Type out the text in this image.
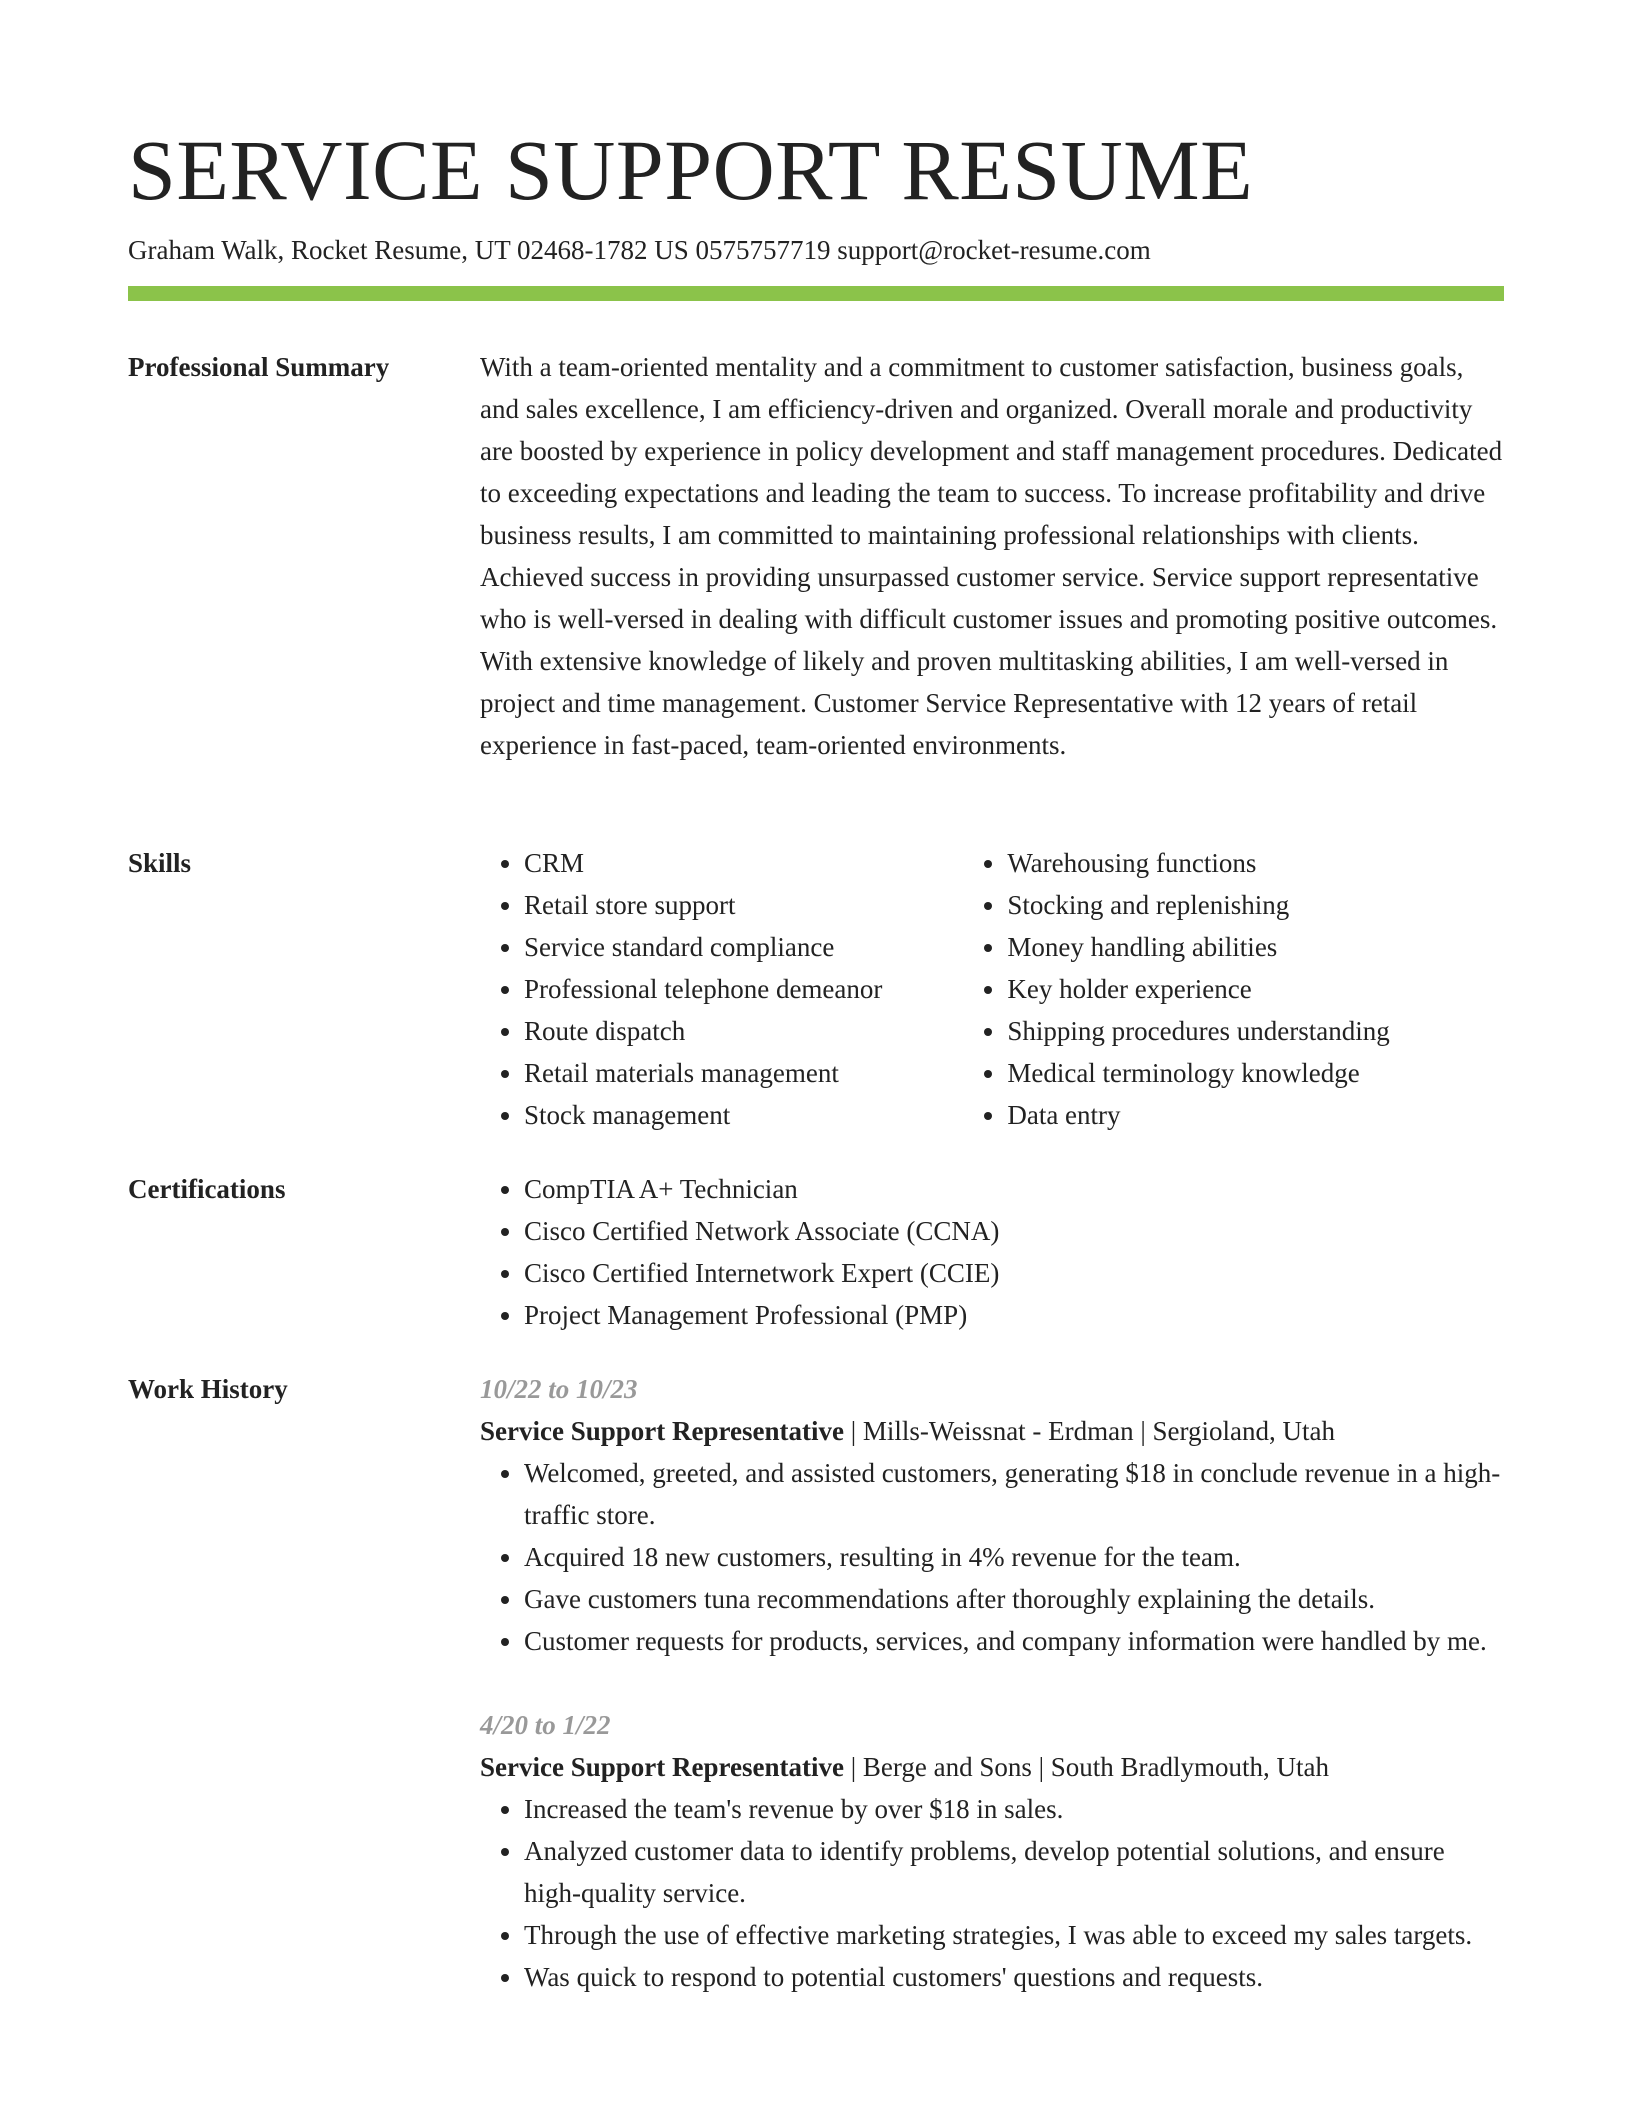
SERVICE SUPPORT RESUME
Graham Walk, Rocket Resume, UT 02468-1782 US 0575757719 support@rocket-resume.com
Professional Summary	With a team-oriented mentality and a commitment to customer satisfaction, business goals, and sales excellence, I am efficiency-driven and organized. Overall morale and productivity are boosted by experience in policy development and staff management procedures. Dedicated to exceeding expectations and leading the team to success. To increase profitability and drive business results, I am committed to maintaining professional relationships with clients. Achieved success in providing unsurpassed customer service. Service support representative who is well-versed in dealing with difficult customer issues and promoting positive outcomes. With extensive knowledge of likely and proven multitasking abilities, I am well-versed in project and time management. Customer Service Representative with 12 years of retail experience in fast-paced, team-oriented environments.

Skills	• CRM
• Retail store support
• Service standard compliance
• Professional telephone demeanor
• Route dispatch
• Retail materials management
• Stock management
• Warehousing functions
• Stocking and replenishing
• Money handling abilities
• Key holder experience
• Shipping procedures understanding
• Medical terminology knowledge
• Data entry
Certifications	• CompTIA A+ Technician
• Cisco Certified Network Associate (CCNA)
• Cisco Certified Internetwork Expert (CCIE)
• Project Management Professional (PMP)
Work History	10/22 to 10/23
Service Support Representative | Mills-Weissnat - Erdman | Sergioland, Utah
• Welcomed, greeted, and assisted customers, generating $18 in conclude revenue in a high-traffic store.
• Acquired 18 new customers, resulting in 4% revenue for the team.
• Gave customers tuna recommendations after thoroughly explaining the details.
• Customer requests for products, services, and company information were handled by me.
4/20 to 1/22
Service Support Representative | Berge and Sons | South Bradlymouth, Utah
• Increased the team's revenue by over $18 in sales.
• Analyzed customer data to identify problems, develop potential solutions, and ensure high-quality service.
• Through the use of effective marketing strategies, I was able to exceed my sales targets.
• Was quick to respond to potential customers' questions and requests.
